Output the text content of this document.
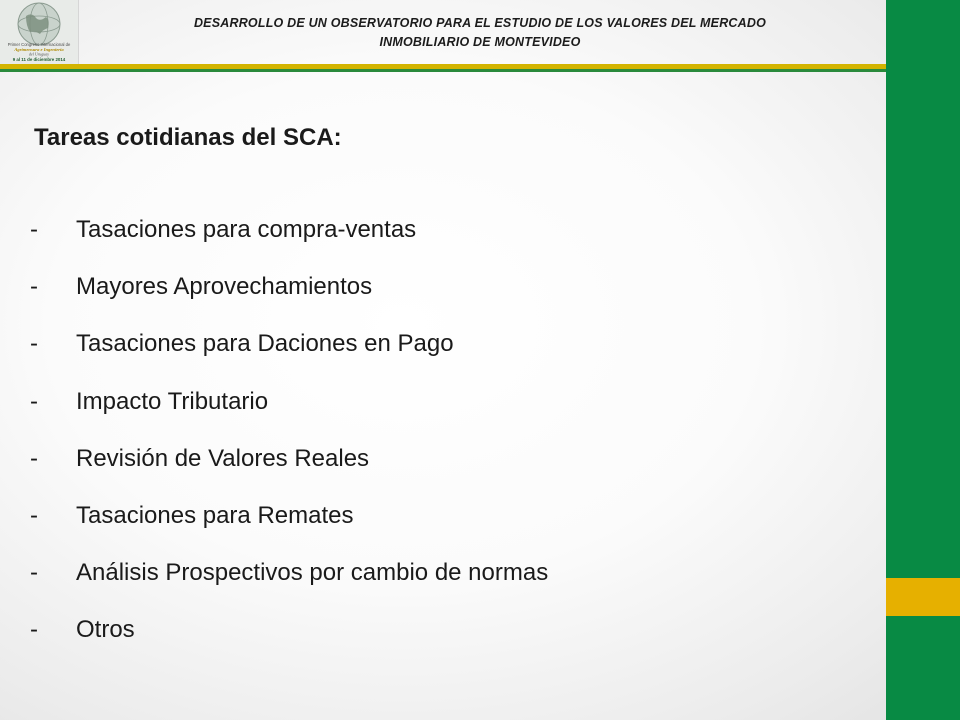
Primer Congreso Internacional de
Agrimensura e Ingeniería
del Uruguay
9 al 11 de diciembre 2014
DESARROLLO DE UN OBSERVATORIO PARA EL ESTUDIO DE LOS VALORES DEL MERCADO
INMOBILIARIO DE MONTEVIDEO
Tareas cotidianas del SCA:
-	Tasaciones para compra-ventas
-	Mayores Aprovechamientos
-	Tasaciones para Daciones en Pago
-	Impacto Tributario
-	Revisión de Valores Reales
-	Tasaciones para Remates
-	Análisis Prospectivos por cambio de normas
-	Otros
